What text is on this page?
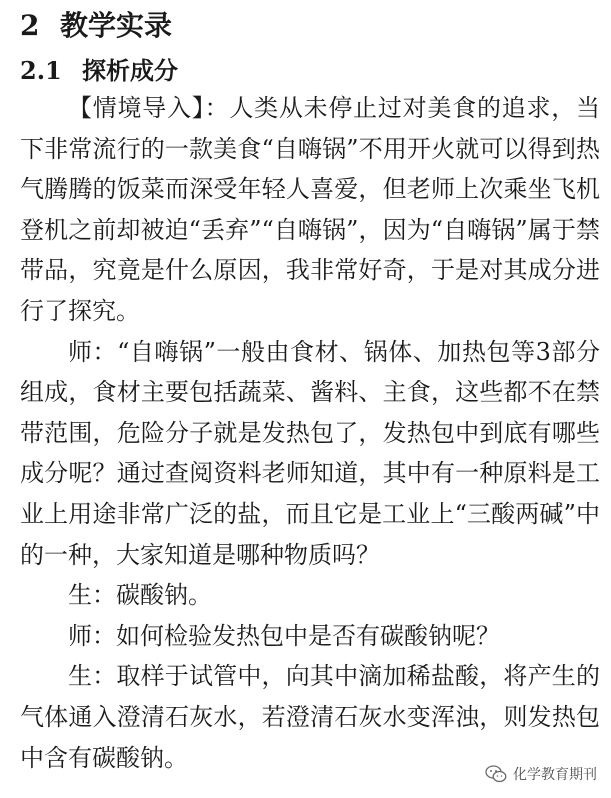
2 教学实录
2.1 探析成分

【情境导入】：人类从未停止过对美食的追求，当下非常流行的一款美食“自嗨锅”不用开火就可以得到热气腾腾的饭菜而深受年轻人喜爱，但老师上次乘坐飞机登机之前却被迫“丢弃”“自嗨锅”，因为“自嗨锅”属于禁带品，究竟是什么原因，我非常好奇，于是对其成分进行了探究。

师：“自嗨锅”一般由食材、锅体、加热包等3部分组成，食材主要包括蔬菜、酱料、主食，这些都不在禁带范围，危险分子就是发热包了，发热包中到底有哪些成分呢？通过查阅资料老师知道，其中有一种原料是工业上用途非常广泛的盐，而且它是工业上“三酸两碱”中的一种，大家知道是哪种物质吗？

生：碳酸钠。

师：如何检验发热包中是否有碳酸钠呢？

生：取样于试管中，向其中滴加稀盐酸，将产生的气体通入澄清石灰水，若澄清石灰水变浑浊，则发热包中含有碳酸钠。

化学教育期刊
